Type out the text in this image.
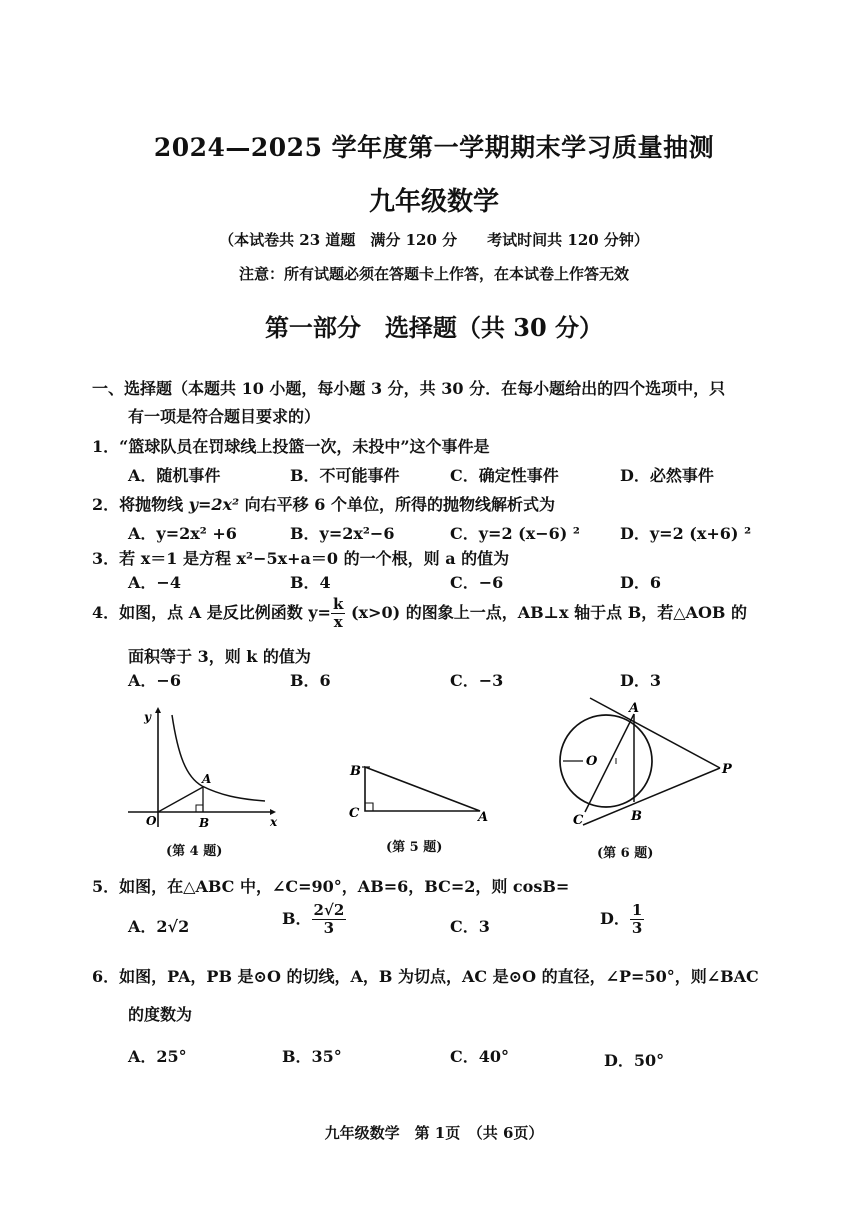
2024—2025 学年度第一学期期末学习质量抽测
九年级数学
（本试卷共 23 道题　满分 120 分　　考试时间共 120 分钟）
注意：所有试题必须在答题卡上作答，在本试卷上作答无效
第一部分　选择题（共 30 分）
一、选择题（本题共 10 小题，每小题 3 分，共 30 分．在每小题给出的四个选项中，只
有一项是符合题目要求的）
1．“篮球队员在罚球线上投篮一次，未投中”这个事件是
A．随机事件	B．不可能事件	C．确定性事件	D．必然事件
2．将抛物线 y=2x² 向右平移 6 个单位，所得的抛物线解析式为
A．y=2x² +6	B．y=2x²−6	C．y=2 (x−6) ²	D．y=2 (x+6) ²
3．若 x＝1 是方程 x²−5x+a＝0 的一个根，则 a 的值为
A．−4	B．4	C．−6	D．6
4．如图，点 A 是反比例函数 $y= \frac{k}{x} (x>0)$ 的图象上一点，AB⊥x 轴于点 B，若△AOB 的
面积等于 3，则 k 的值为
A．−6	B．6	C．−3	D．3
y
x
O
A
B
(第 4 题)
B
C	A
(第 5 题)
A
B
C
O
P
(第 6 题)
5．如图，在△ABC 中，∠C=90°，AB=6，BC=2，则 cosB=
A．2√2	B． $\frac{2√2}{3}$	C．3	D． $\frac{1}{3}$
6．如图，PA，PB 是⊙O 的切线，A，B 为切点，AC 是⊙O 的直径，∠P=50°，则∠BAC
的度数为
A．25°	B．35°	C．40°	D．50°
九年级数学　第 1页　（共 6页）
